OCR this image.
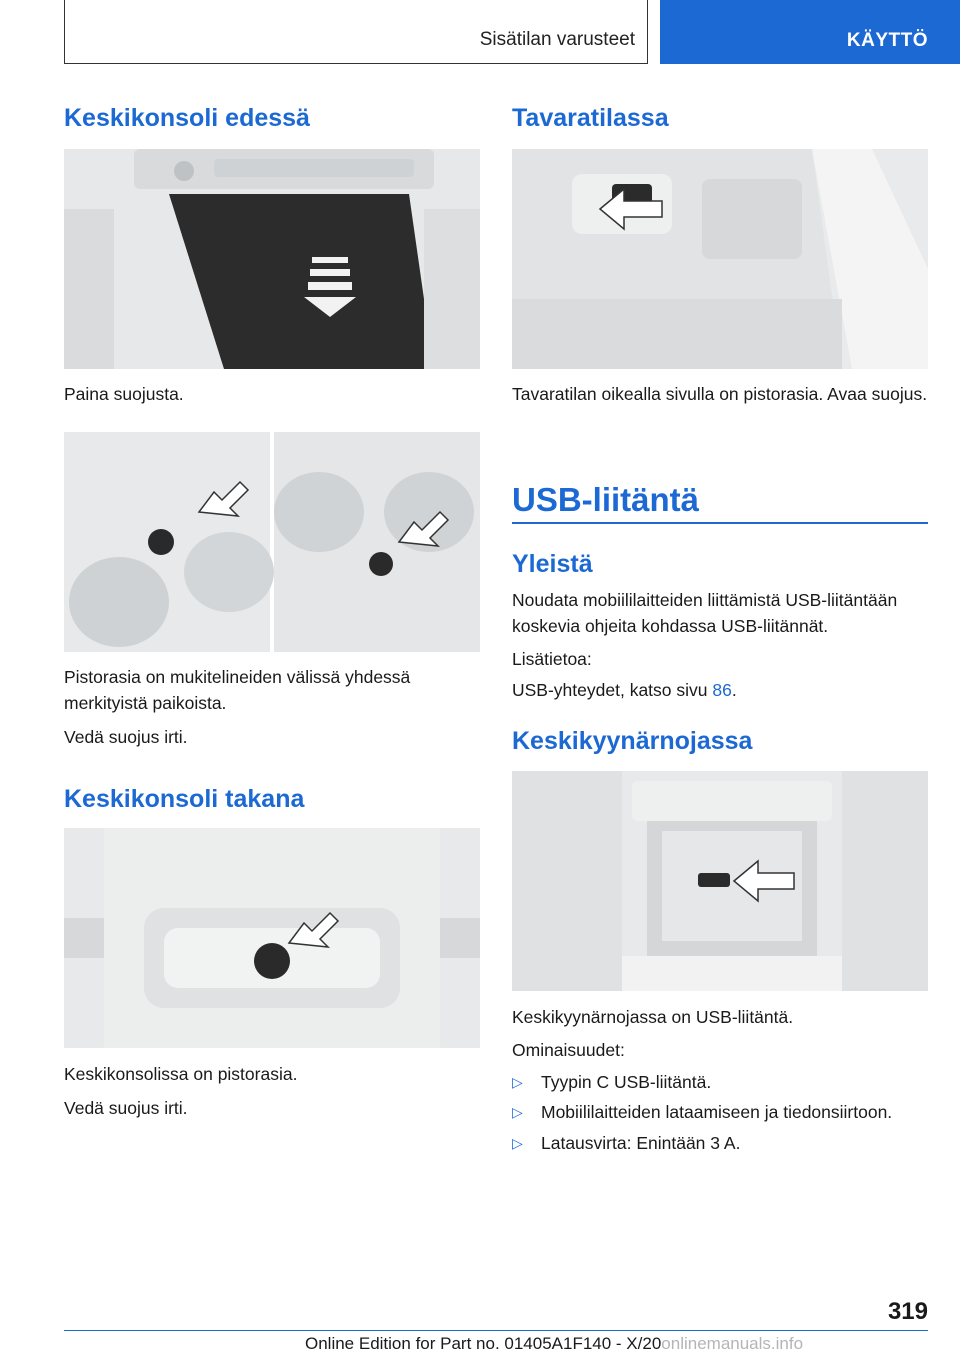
Sisätilan varusteet	KÄYTTÖ
Keskikonsoli edessä

Paina suojusta.

Pistorasia on mukitelineiden välissä yhdessä merkityistä paikoista.

Vedä suojus irti.

Keskikonsoli takana

Keskikonsolissa on pistorasia.

Vedä suojus irti.

Tavaratilassa

Tavaratilan oikealla sivulla on pistorasia. Avaa suojus.

USB-liitäntä
Yleistä

Noudata mobiililaitteiden liittämistä USB-liitäntään koskevia ohjeita kohdassa USB-liitännät.

Lisätietoa:

USB-yhteydet, katso sivu 86.

Keskikyynärnojassa

Keskikyynärnojassa on USB-liitäntä.

Ominaisuudet:

▷ Tyypin C USB-liitäntä.
▷ Mobiililaitteiden lataamiseen ja tiedonsiirtoon.
▷ Latausvirta: Enintään 3 A.
319
Online Edition for Part no. 01405A1F140 - X/20onlinemanuals.info
